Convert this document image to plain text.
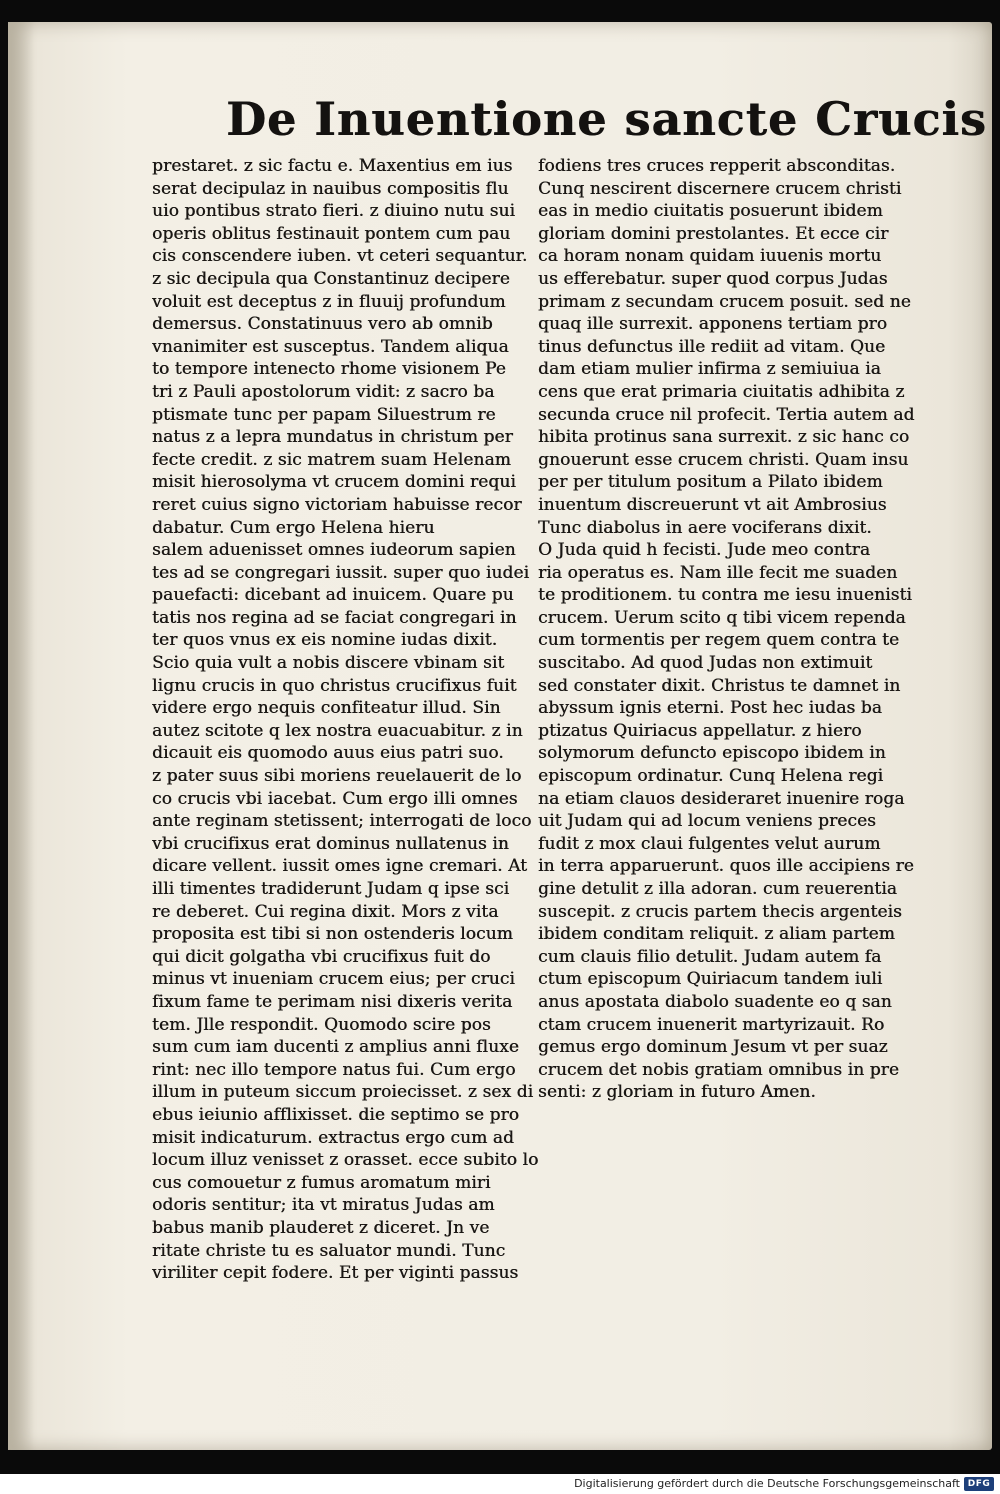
De Inuentione sancte Crucis
prestaret. z sic factu e. Maxentius em ius
serat decipulaz in nauibus compositis flu
uio pontibus strato fieri. z diuino nutu sui
operis oblitus festinauit pontem cum pau
cis conscendere iuben. vt ceteri sequantur.
z sic decipula qua Constantinuz decipere
voluit est deceptus z in fluuij profundum
demersus. Constatinuus vero ab omnib
vnanimiter est susceptus. Tandem aliqua
to tempore intenecto rhome visionem Pe
tri z Pauli apostolorum vidit: z sacro ba
ptismate tunc per papam Siluestrum re
natus z a lepra mundatus in christum per
fecte credit. z sic matrem suam Helenam
misit hierosolyma vt crucem domini requi
reret cuius signo victoriam habuisse recor
dabatur. Cum ergo Helena hieru
salem aduenisset omnes iudeorum sapien
tes ad se congregari iussit. super quo iudei
pauefacti: dicebant ad inuicem. Quare pu
tatis nos regina ad se faciat congregari in
ter quos vnus ex eis nomine iudas dixit.
Scio quia vult a nobis discere vbinam sit
lignu crucis in quo christus crucifixus fuit
videre ergo nequis confiteatur illud. Sin
autez scitote q lex nostra euacuabitur. z in
dicauit eis quomodo auus eius patri suo.
z pater suus sibi moriens reuelauerit de lo
co crucis vbi iacebat. Cum ergo illi omnes
ante reginam stetissent; interrogati de loco
vbi crucifixus erat dominus nullatenus in
dicare vellent. iussit omes igne cremari. At
illi timentes tradiderunt Judam q ipse sci
re deberet. Cui regina dixit. Mors z vita
proposita est tibi si non ostenderis locum
qui dicit golgatha vbi crucifixus fuit do
minus vt inueniam crucem eius; per cruci
fixum fame te perimam nisi dixeris verita
tem. Jlle respondit. Quomodo scire pos
sum cum iam ducenti z amplius anni fluxe
rint: nec illo tempore natus fui. Cum ergo
illum in puteum siccum proiecisset. z sex di
ebus ieiunio afflixisset. die septimo se pro
misit indicaturum. extractus ergo cum ad
locum illuz venisset z orasset. ecce subito lo
cus comouetur z fumus aromatum miri
odoris sentitur; ita vt miratus Judas am
babus manib plauderet z diceret. Jn ve
ritate christe tu es saluator mundi. Tunc
viriliter cepit fodere. Et per viginti passus
fodiens tres cruces repperit absconditas.
Cunq nescirent discernere crucem christi
eas in medio ciuitatis posuerunt ibidem
gloriam domini prestolantes. Et ecce cir
ca horam nonam quidam iuuenis mortu
us efferebatur. super quod corpus Judas
primam z secundam crucem posuit. sed ne
quaq ille surrexit. apponens tertiam pro
tinus defunctus ille rediit ad vitam. Que
dam etiam mulier infirma z semiuiua ia
cens que erat primaria ciuitatis adhibita z
secunda cruce nil profecit. Tertia autem ad
hibita protinus sana surrexit. z sic hanc co
gnouerunt esse crucem christi. Quam insu
per per titulum positum a Pilato ibidem
inuentum discreuerunt vt ait Ambrosius
Tunc diabolus in aere vociferans dixit.
O Juda quid h fecisti. Jude meo contra
ria operatus es. Nam ille fecit me suaden
te proditionem. tu contra me iesu inuenisti
crucem. Uerum scito q tibi vicem rependa
cum tormentis per regem quem contra te
suscitabo. Ad quod Judas non extimuit
sed constater dixit. Christus te damnet in
abyssum ignis eterni. Post hec iudas ba
ptizatus Quiriacus appellatur. z hiero
solymorum defuncto episcopo ibidem in
episcopum ordinatur. Cunq Helena regi
na etiam clauos desideraret inuenire roga
uit Judam qui ad locum veniens preces
fudit z mox claui fulgentes velut aurum
in terra apparuerunt. quos ille accipiens re
gine detulit z illa adoran. cum reuerentia
suscepit. z crucis partem thecis argenteis
ibidem conditam reliquit. z aliam partem
cum clauis filio detulit. Judam autem fa
ctum episcopum Quiriacum tandem iuli
anus apostata diabolo suadente eo q san
ctam crucem inuenerit martyrizauit. Ro
gemus ergo dominum Jesum vt per suaz
crucem det nobis gratiam omnibus in pre
senti: z gloriam in futuro Amen.
Digitalisierung gefördert durch die Deutsche Forschungsgemeinschaft DFG
